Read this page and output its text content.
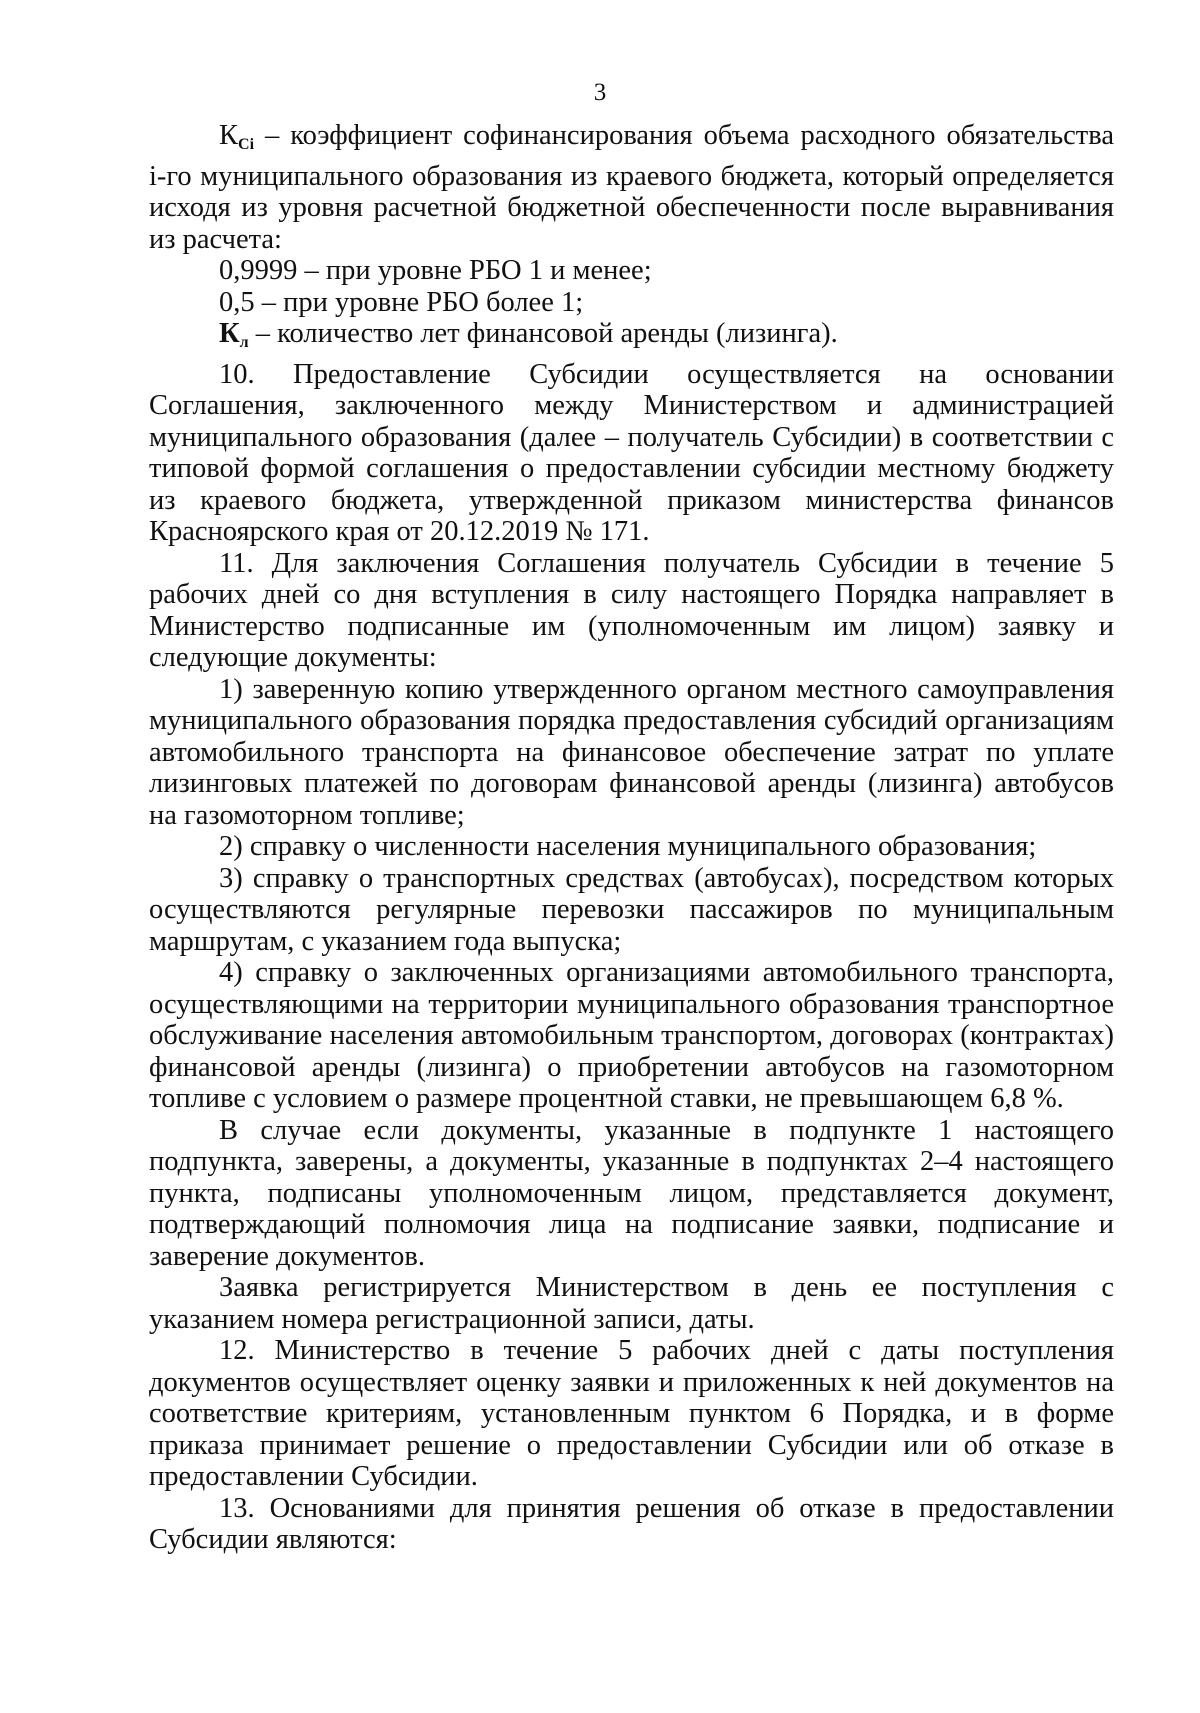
3

$К_{Ci}$ – коэффициент софинансирования объема расходного обязательства i-го муниципального образования из краевого бюджета, который определяется исходя из уровня расчетной бюджетной обеспеченности после выравнивания из расчета:

0,9999 – при уровне РБО 1 и менее;

0,5 – при уровне РБО более 1;

$К_л$ – количество лет финансовой аренды (лизинга).

10. Предоставление Субсидии осуществляется на основании Соглашения, заключенного между Министерством и администрацией муниципального образования (далее – получатель Субсидии) в соответствии с типовой формой соглашения о предоставлении субсидии местному бюджету из краевого бюджета, утвержденной приказом министерства финансов Красноярского края от 20.12.2019 № 171.

11. Для заключения Соглашения получатель Субсидии в течение 5 рабочих дней со дня вступления в силу настоящего Порядка направляет в Министерство подписанные им (уполномоченным им лицом) заявку и следующие документы:

1) заверенную копию утвержденного органом местного самоуправления муниципального образования порядка предоставления субсидий организациям автомобильного транспорта на финансовое обеспечение затрат по уплате лизинговых платежей по договорам финансовой аренды (лизинга) автобусов на газомоторном топливе;

2) справку о численности населения муниципального образования;

3) справку о транспортных средствах (автобусах), посредством которых осуществляются регулярные перевозки пассажиров по муниципальным маршрутам, с указанием года выпуска;

4) справку о заключенных организациями автомобильного транспорта, осуществляющими на территории муниципального образования транспортное обслуживание населения автомобильным транспортом, договорах (контрактах) финансовой аренды (лизинга) о приобретении автобусов на газомоторном топливе с условием о размере процентной ставки, не превышающем 6,8 %.

В случае если документы, указанные в подпункте 1 настоящего подпункта, заверены, а документы, указанные в подпунктах 2–4 настоящего пункта, подписаны уполномоченным лицом, представляется документ, подтверждающий полномочия лица на подписание заявки, подписание и заверение документов.

Заявка регистрируется Министерством в день ее поступления с указанием номера регистрационной записи, даты.

12. Министерство в течение 5 рабочих дней с даты поступления документов осуществляет оценку заявки и приложенных к ней документов на соответствие критериям, установленным пунктом 6 Порядка, и в форме приказа принимает решение о предоставлении Субсидии или об отказе в предоставлении Субсидии.

13. Основаниями для принятия решения об отказе в предоставлении Субсидии являются:
